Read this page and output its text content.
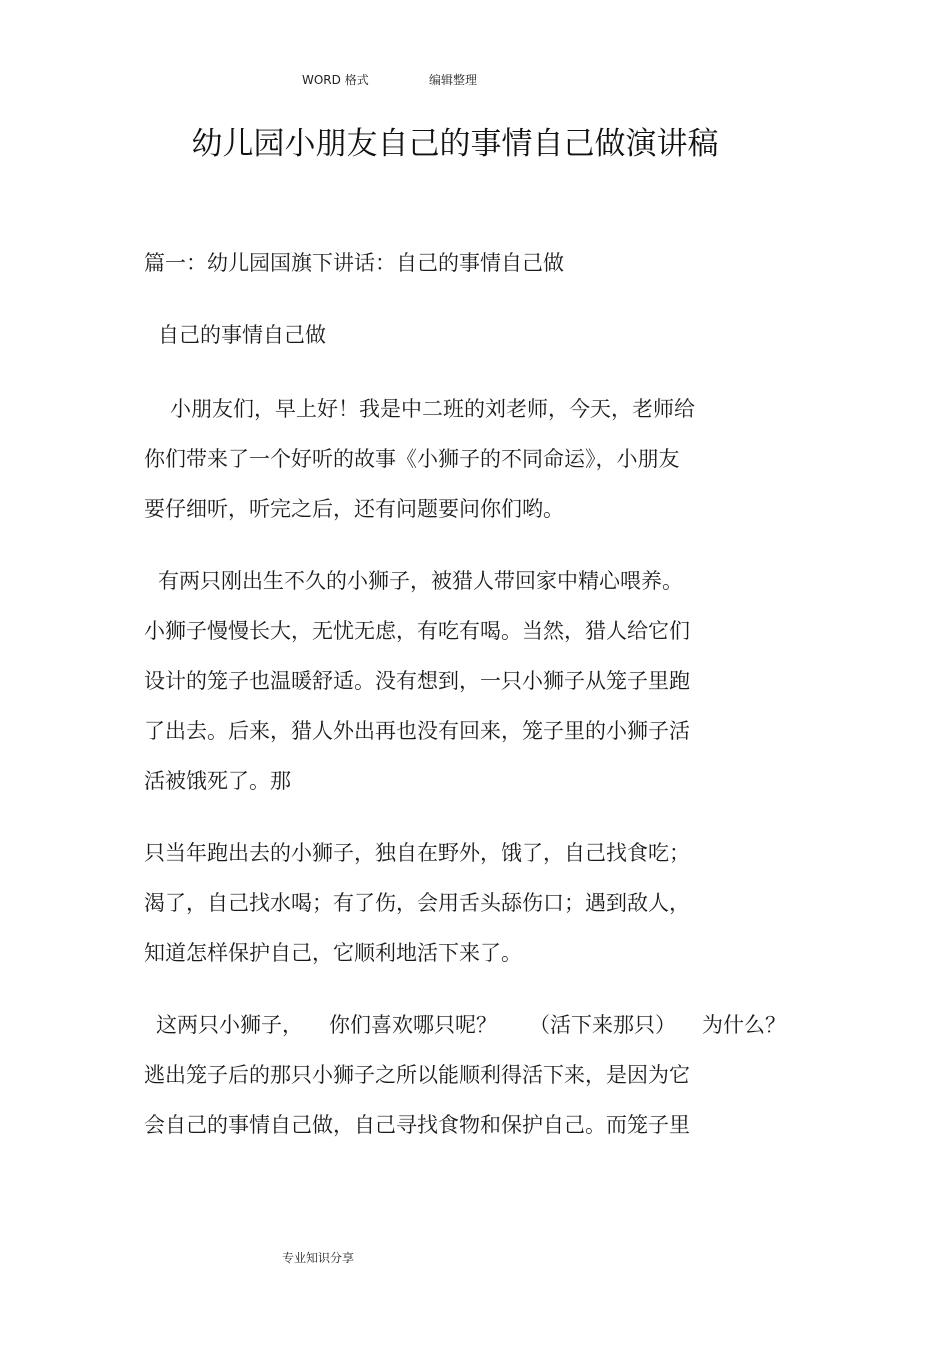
WORD 格式	编辑整理
幼儿园小朋友自己的事情自己做演讲稿
篇一：幼儿园国旗下讲话：自己的事情自己做
自己的事情自己做
小朋友们，早上好！我是中二班的刘老师，今天，老师给
你们带来了一个好听的故事《小狮子的不同命运》，小朋友
要仔细听，听完之后，还有问题要问你们哟。
有两只刚出生不久的小狮子，被猎人带回家中精心喂养。
小狮子慢慢长大，无忧无虑，有吃有喝。当然，猎人给它们
设计的笼子也温暖舒适。没有想到，一只小狮子从笼子里跑
了出去。后来，猎人外出再也没有回来，笼子里的小狮子活
活被饿死了。那
只当年跑出去的小狮子，独自在野外，饿了，自己找食吃；
渴了，自己找水喝；有了伤，会用舌头舔伤口；遇到敌人，
知道怎样保护自己，它顺利地活下来了。
这两只小狮子， 你们喜欢哪只呢？ （活下来那只） 为什么？
逃出笼子后的那只小狮子之所以能顺利得活下来，是因为它
会自己的事情自己做，自己寻找食物和保护自己。而笼子里
专业知识分享
